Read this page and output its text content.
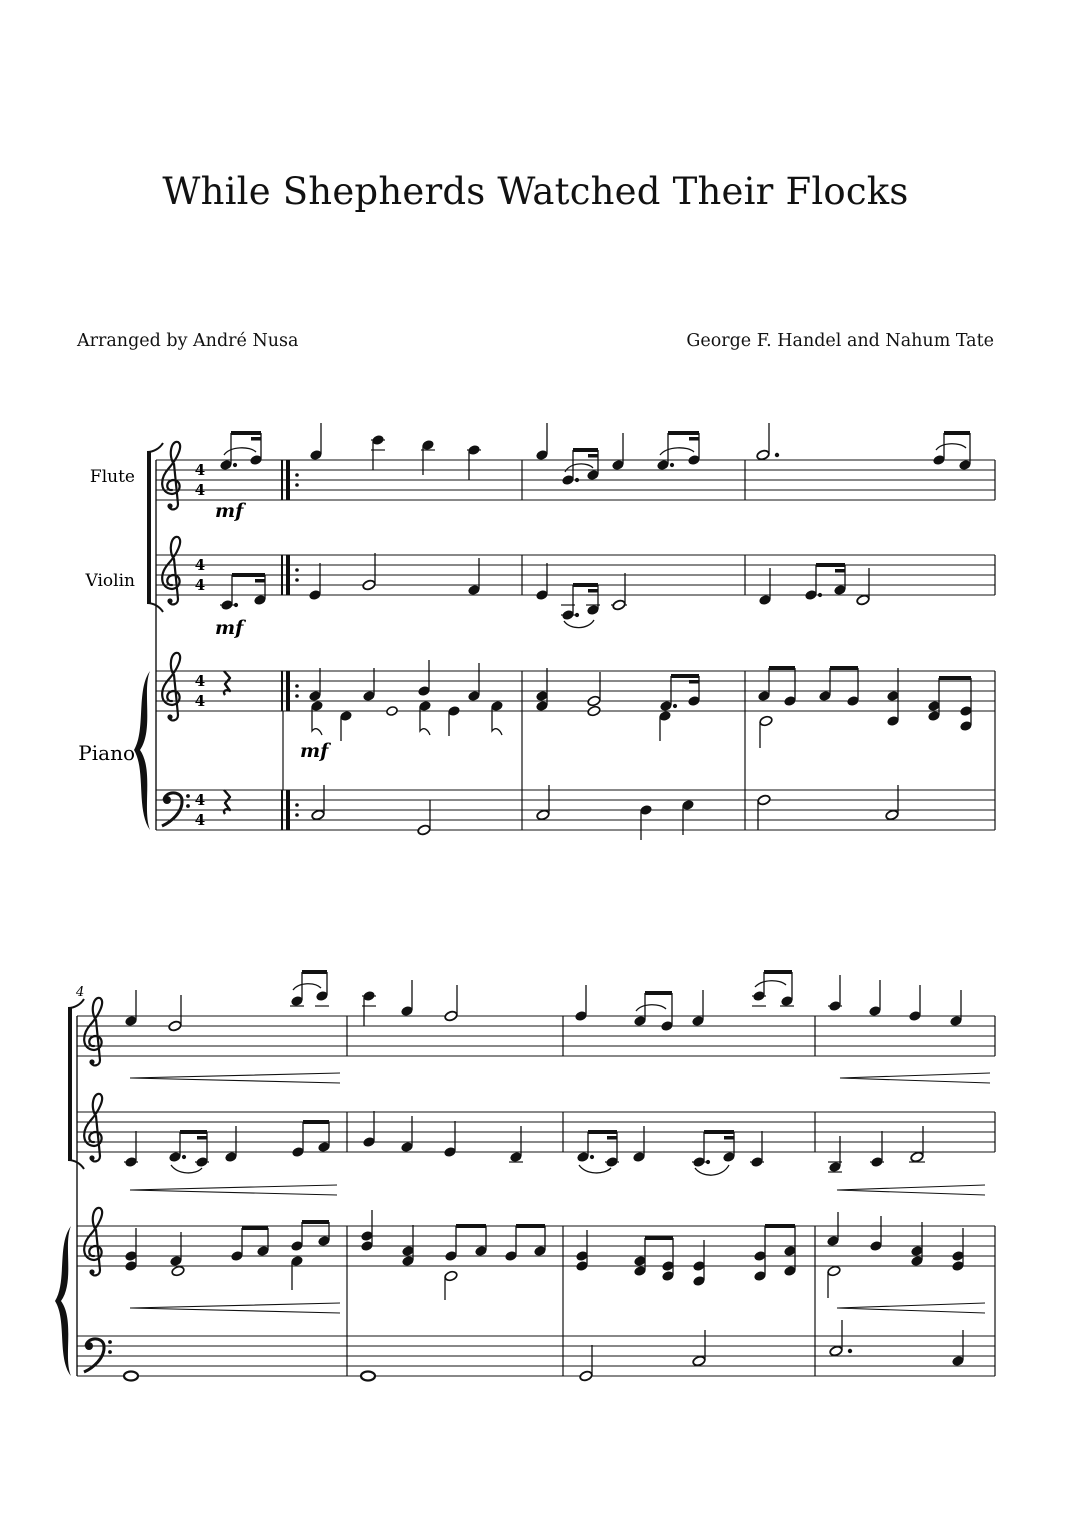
While Shepherds Watched Their Flocks
Arranged by André Nusa	George F. Handel and Nahum Tate
Flute
Violin
Piano
4
4
4
4
4
4
4
4
mf
mf
mf
4
